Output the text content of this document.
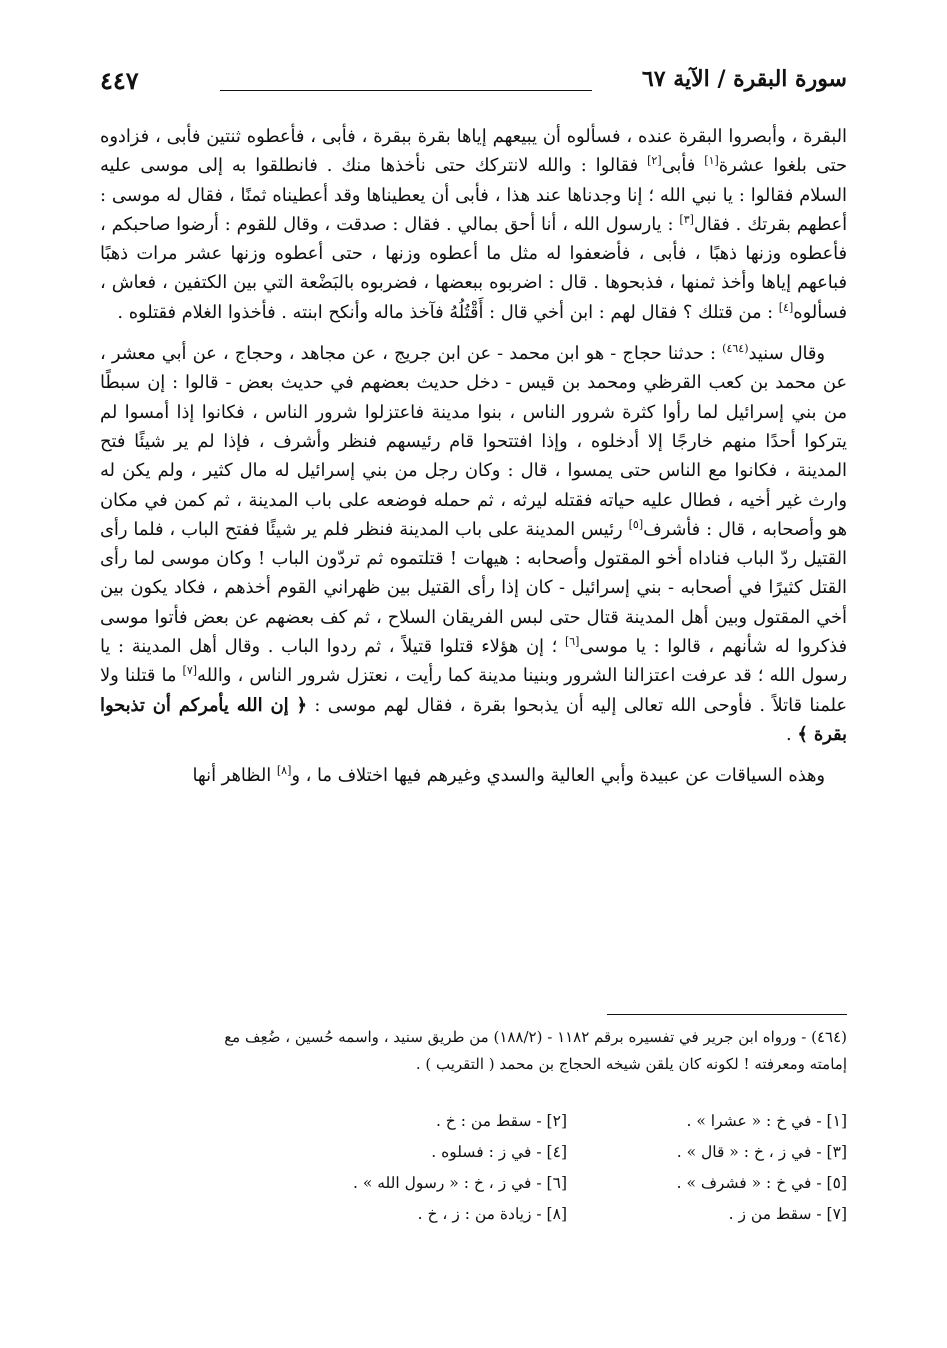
سورة البقرة / الآية ٦٧
٤٤٧

البقرة ، وأبصروا البقرة عنده ، فسألوه أن يبيعهم إياها بقرة ببقرة ، فأبى ، فأعطوه ثنتين فأبى ، فزادوه حتى بلغوا عشرة[١] فأبى[٢] فقالوا : والله لانتركك حتى نأخذها منك . فانطلقوا به إلى موسى عليه السلام فقالوا : يا نبي الله ؛ إنا وجدناها عند هذا ، فأبى أن يعطيناها وقد أعطيناه ثمنًا ، فقال له موسى : أعطهم بقرتك . فقال[٣] : يارسول الله ، أنا أحق بمالي . فقال : صدقت ، وقال للقوم : أرضوا صاحبكم ، فأعطوه وزنها ذهبًا ، فأبى ، فأضعفوا له مثل ما أعطوه وزنها ، حتى أعطوه وزنها عشر مرات ذهبًا فباعهم إياها وأخذ ثمنها ، فذبحوها . قال : اضربوه ببعضها ، فضربوه بالبَضْعة التي بين الكتفين ، فعاش ، فسألوه[٤] : من قتلك ؟ فقال لهم : ابن أخي قال : أَقْتُلُهُ فآخذ ماله وأنكح ابنته . فأخذوا الغلام فقتلوه .

وقال سنيد$^{(٤٦٤)}$ : حدثنا حجاج - هو ابن محمد - عن ابن جريج ، عن مجاهد ، وحجاج ، عن أبي معشر ، عن محمد بن كعب القرظي ومحمد بن قيس - دخل حديث بعضهم في حديث بعض - قالوا : إن سبطًا من بني إسرائيل لما رأوا كثرة شرور الناس ، بنوا مدينة فاعتزلوا شرور الناس ، فكانوا إذا أمسوا لم يتركوا أحدًا منهم خارجًا إلا أدخلوه ، وإذا افتتحوا قام رئيسهم فنظر وأشرف ، فإذا لم ير شيئًا فتح المدينة ، فكانوا مع الناس حتى يمسوا ، قال : وكان رجل من بني إسرائيل له مال كثير ، ولم يكن له وارث غير أخيه ، فطال عليه حياته فقتله ليرثه ، ثم حمله فوضعه على باب المدينة ، ثم كمن في مكان هو وأصحابه ، قال : فأشرف[٥] رئيس المدينة على باب المدينة فنظر فلم ير شيئًا ففتح الباب ، فلما رأى القتيل ردّ الباب فناداه أخو المقتول وأصحابه : هيهات ! قتلتموه ثم تردّون الباب ! وكان موسى لما رأى القتل كثيرًا في أصحابه - بني إسرائيل - كان إذا رأى القتيل بين ظهراني القوم أخذهم ، فكاد يكون بين أخي المقتول وبين أهل المدينة قتال حتى لبس الفريقان السلاح ، ثم كف بعضهم عن بعض فأتوا موسى فذكروا له شأنهم ، قالوا : يا موسى[٦] ؛ إن هؤلاء قتلوا قتيلاً ، ثم ردوا الباب . وقال أهل المدينة : يا رسول الله ؛ قد عرفت اعتزالنا الشرور وبنينا مدينة كما رأيت ، نعتزل شرور الناس ، والله[٧] ما قتلنا ولا علمنا قاتلاً . فأوحى الله تعالى إليه أن يذبحوا بقرة ، فقال لهم موسى : ﴿ إن الله يأمركم أن تذبحوا بقرة ﴾ .

وهذه السياقات عن عبيدة وأبي العالية والسدي وغيرهم فيها اختلاف ما ، و[٨] الظاهر أنها

(٤٦٤) - ورواه ابن جرير في تفسيره برقم ١١٨٢ - (١٨٨/٢) من طريق سنيد ، واسمه حُسين ، ضُعِف مع

إمامته ومعرفته ! لكونه كان يلقن شيخه الحجاج بن محمد ( التقريب ) .

[١] - في خ : « عشرا » .
[٢] - سقط من : خ .
[٣] - في ز ، خ : « قال » .
[٤] - في ز : فسلوه .
[٥] - في خ : « فشرف » .
[٦] - في ز ، خ : « رسول الله » .
[٧] - سقط من ز .
[٨] - زيادة من : ز ، خ .
